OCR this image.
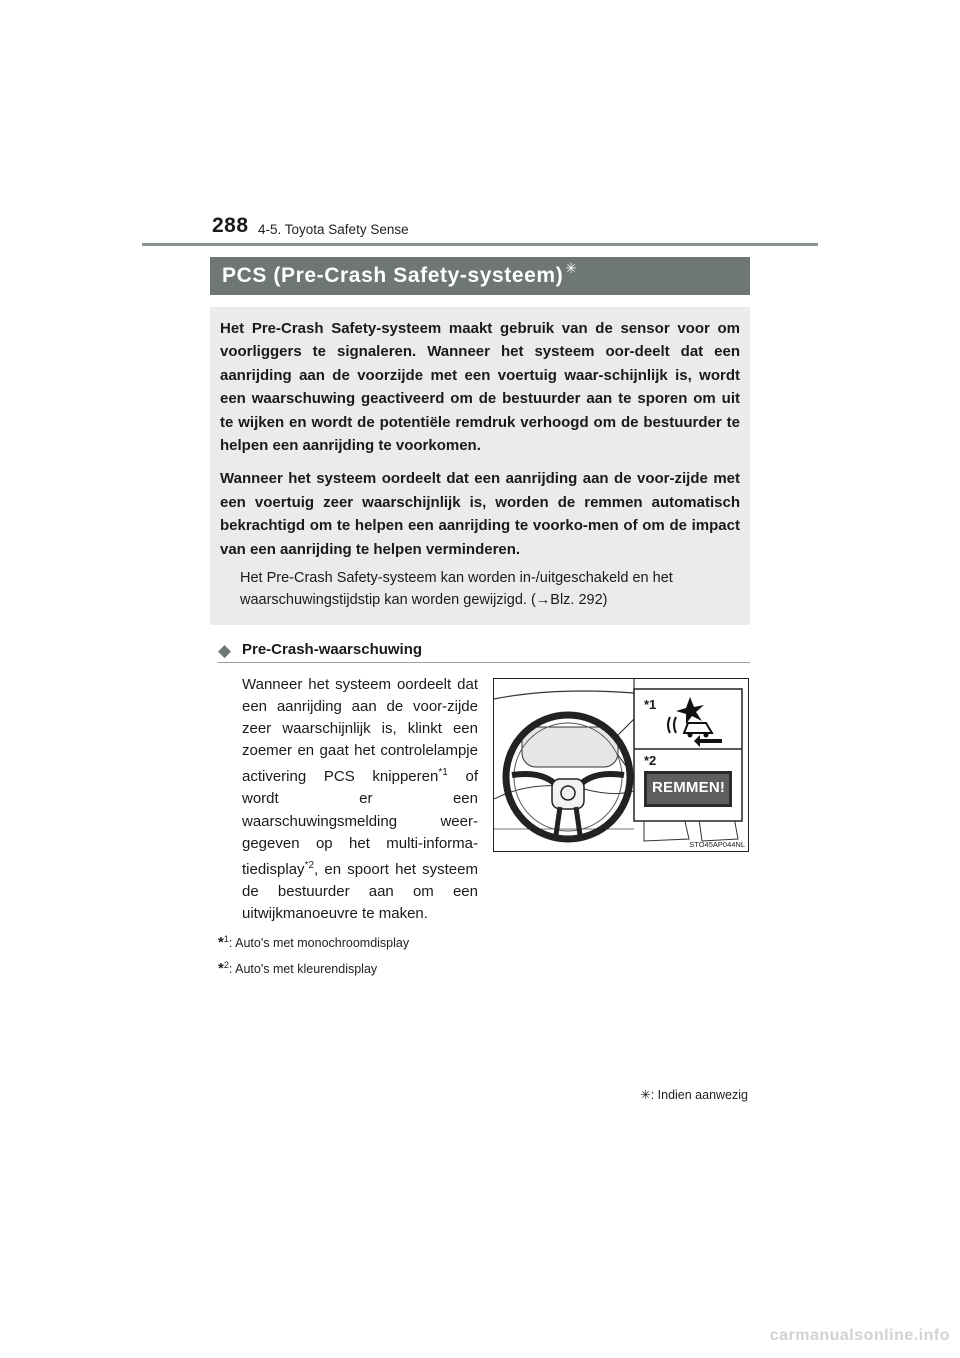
288 4-5. Toyota Safety Sense
PCS (Pre-Crash Safety-systeem) ✳

Het Pre-Crash Safety-systeem maakt gebruik van de sensor voor om voorliggers te signaleren. Wanneer het systeem oor-deelt dat een aanrijding aan de voorzijde met een voertuig waar-schijnlijk is, wordt een waarschuwing geactiveerd om de bestuurder aan te sporen om uit te wijken en wordt de potentiële remdruk verhoogd om de bestuurder te helpen een aanrijding te voorkomen.

Wanneer het systeem oordeelt dat een aanrijding aan de voor-zijde met een voertuig zeer waarschijnlijk is, worden de remmen automatisch bekrachtigd om te helpen een aanrijding te voorko-men of om de impact van een aanrijding te helpen verminderen.

Het Pre-Crash Safety-systeem kan worden in-/uitgeschakeld en het waarschuwingstijdstip kan worden gewijzigd. (→Blz. 292)

◆ Pre-Crash-waarschuwing

Wanneer het systeem oordeelt dat een aanrijding aan de voor-zijde zeer waarschijnlijk is, klinkt een zoemer en gaat het controlelampje activering PCS knipperen$^{*1}$ of wordt er een waarschuwingsmelding weer-gegeven op het multi-informa-tiedisplay$^{*2}$, en spoort het systeem de bestuurder aan om een uitwijkmanoeuvre te maken.

*1
*2
REMMEN!
STO45AP044NL
*$^1$: Auto's met monochroomdisplay
*$^2$: Auto's met kleurendisplay
✳: Indien aanwezig
carmanualsonline.info
